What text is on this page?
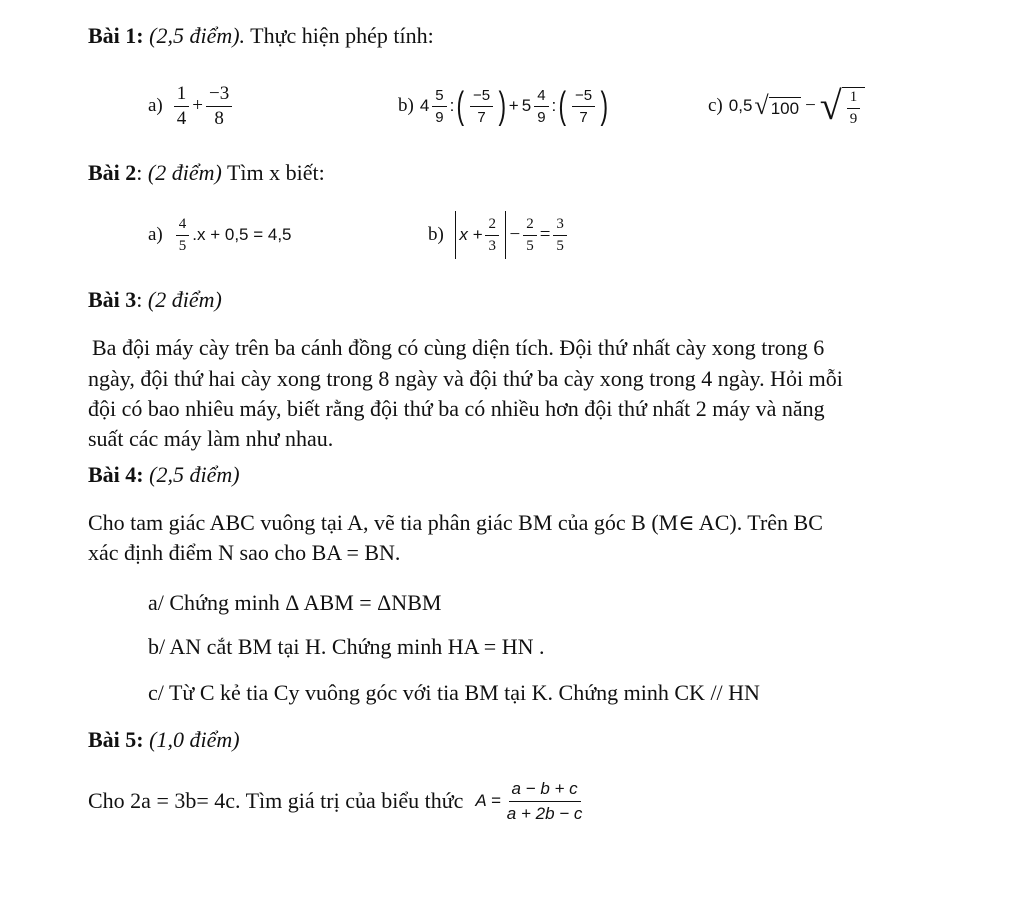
Bài 1: (2,5 điểm). Thực hiện phép tính:
$a) \frac{1}{4} + \frac{-3}{8}$	b) $4 \frac{5}{9}$ : ( $\frac{-5}{7}$ ) + $5 \frac{4}{9}$ : ( $\frac{-5}{7}$ )	c) 0,5 √ 100 − √ $\frac{1}{9}$
Bài 2: (2 điểm) Tìm x biết:
$a) \frac{4}{5} .x + 0,5 = 4,5$	b) $x + \frac{2}{3} - \frac{2}{5} = \frac{3}{5}$
Bài 3: (2 điểm)
Ba đội máy cày trên ba cánh đồng có cùng diện tích. Đội thứ nhất cày xong trong 6
ngày, đội thứ hai cày xong trong 8 ngày và đội thứ ba cày xong trong 4 ngày. Hỏi mỗi
đội có bao nhiêu máy, biết rằng đội thứ ba có nhiều hơn đội thứ nhất 2 máy và năng
suất các máy làm như nhau.
Bài 4: (2,5 điểm)
Cho tam giác ABC vuông tại A, vẽ tia phân giác BM của góc B (M∈ AC). Trên BC
xác định điểm N sao cho BA = BN.
a/ Chứng minh Δ ABM = ΔNBM
b/ AN cắt BM tại H. Chứng minh HA = HN .
c/ Từ C kẻ tia Cy vuông góc với tia BM tại K. Chứng minh CK // HN
Bài 5: (1,0 điểm)
Cho 2a = 3b= 4c. Tìm giá trị của biểu thức $A = \frac{a - b + c}{a + 2b - c}$
